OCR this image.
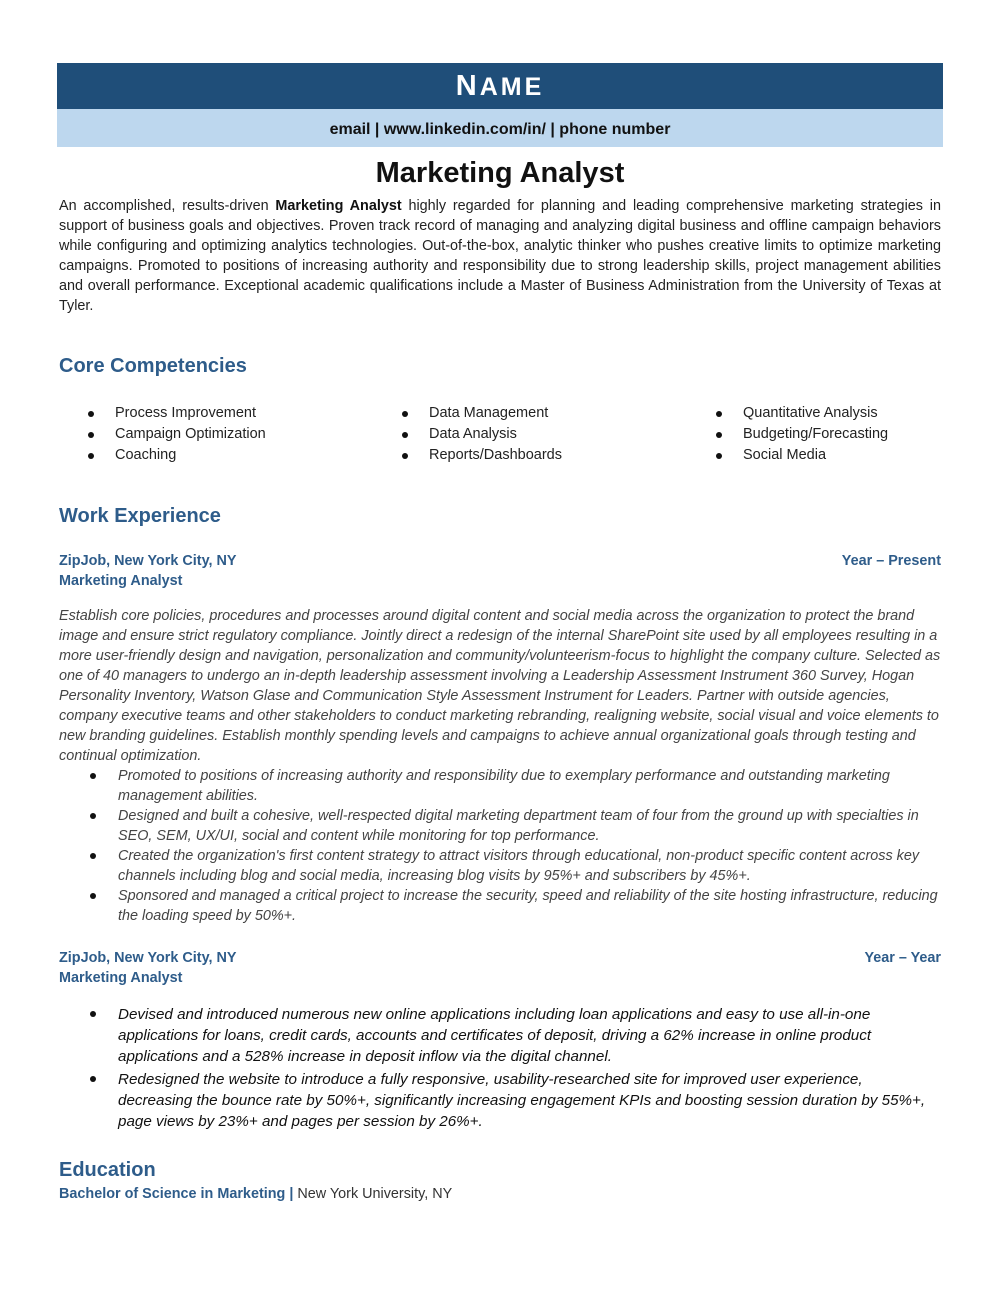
NAME
email | www.linkedin.com/in/ | phone number
Marketing Analyst
An accomplished, results-driven Marketing Analyst highly regarded for planning and leading comprehensive marketing strategies in support of business goals and objectives. Proven track record of managing and analyzing digital business and offline campaign behaviors while configuring and optimizing analytics technologies. Out-of-the-box, analytic thinker who pushes creative limits to optimize marketing campaigns. Promoted to positions of increasing authority and responsibility due to strong leadership skills, project management abilities and overall performance. Exceptional academic qualifications include a Master of Business Administration from the University of Texas at Tyler.
Core Competencies
Process Improvement
Campaign Optimization
Coaching
Data Management
Data Analysis
Reports/Dashboards
Quantitative Analysis
Budgeting/Forecasting
Social Media
Work Experience
ZipJob, New York City, NY
Marketing Analyst
Year – Present
Establish core policies, procedures and processes around digital content and social media across the organization to protect the brand image and ensure strict regulatory compliance. Jointly direct a redesign of the internal SharePoint site used by all employees resulting in a more user-friendly design and navigation, personalization and community/volunteerism-focus to highlight the company culture. Selected as one of 40 managers to undergo an in-depth leadership assessment involving a Leadership Assessment Instrument 360 Survey, Hogan Personality Inventory, Watson Glase and Communication Style Assessment Instrument for Leaders. Partner with outside agencies, company executive teams and other stakeholders to conduct marketing rebranding, realigning website, social visual and voice elements to new branding guidelines. Establish monthly spending levels and campaigns to achieve annual organizational goals through testing and continual optimization.
Promoted to positions of increasing authority and responsibility due to exemplary performance and outstanding marketing management abilities.
Designed and built a cohesive, well-respected digital marketing department team of four from the ground up with specialties in SEO, SEM, UX/UI, social and content while monitoring for top performance.
Created the organization's first content strategy to attract visitors through educational, non-product specific content across key channels including blog and social media, increasing blog visits by 95%+ and subscribers by 45%+.
Sponsored and managed a critical project to increase the security, speed and reliability of the site hosting infrastructure, reducing the loading speed by 50%+.
ZipJob, New York City, NY
Marketing Analyst
Year – Year
Devised and introduced numerous new online applications including loan applications and easy to use all-in-one applications for loans, credit cards, accounts and certificates of deposit, driving a 62% increase in online product applications and a 528% increase in deposit inflow via the digital channel.
Redesigned the website to introduce a fully responsive, usability-researched site for improved user experience, decreasing the bounce rate by 50%+, significantly increasing engagement KPIs and boosting session duration by 55%+, page views by 23%+ and pages per session by 26%+.
Education
Bachelor of Science in Marketing | New York University, NY
